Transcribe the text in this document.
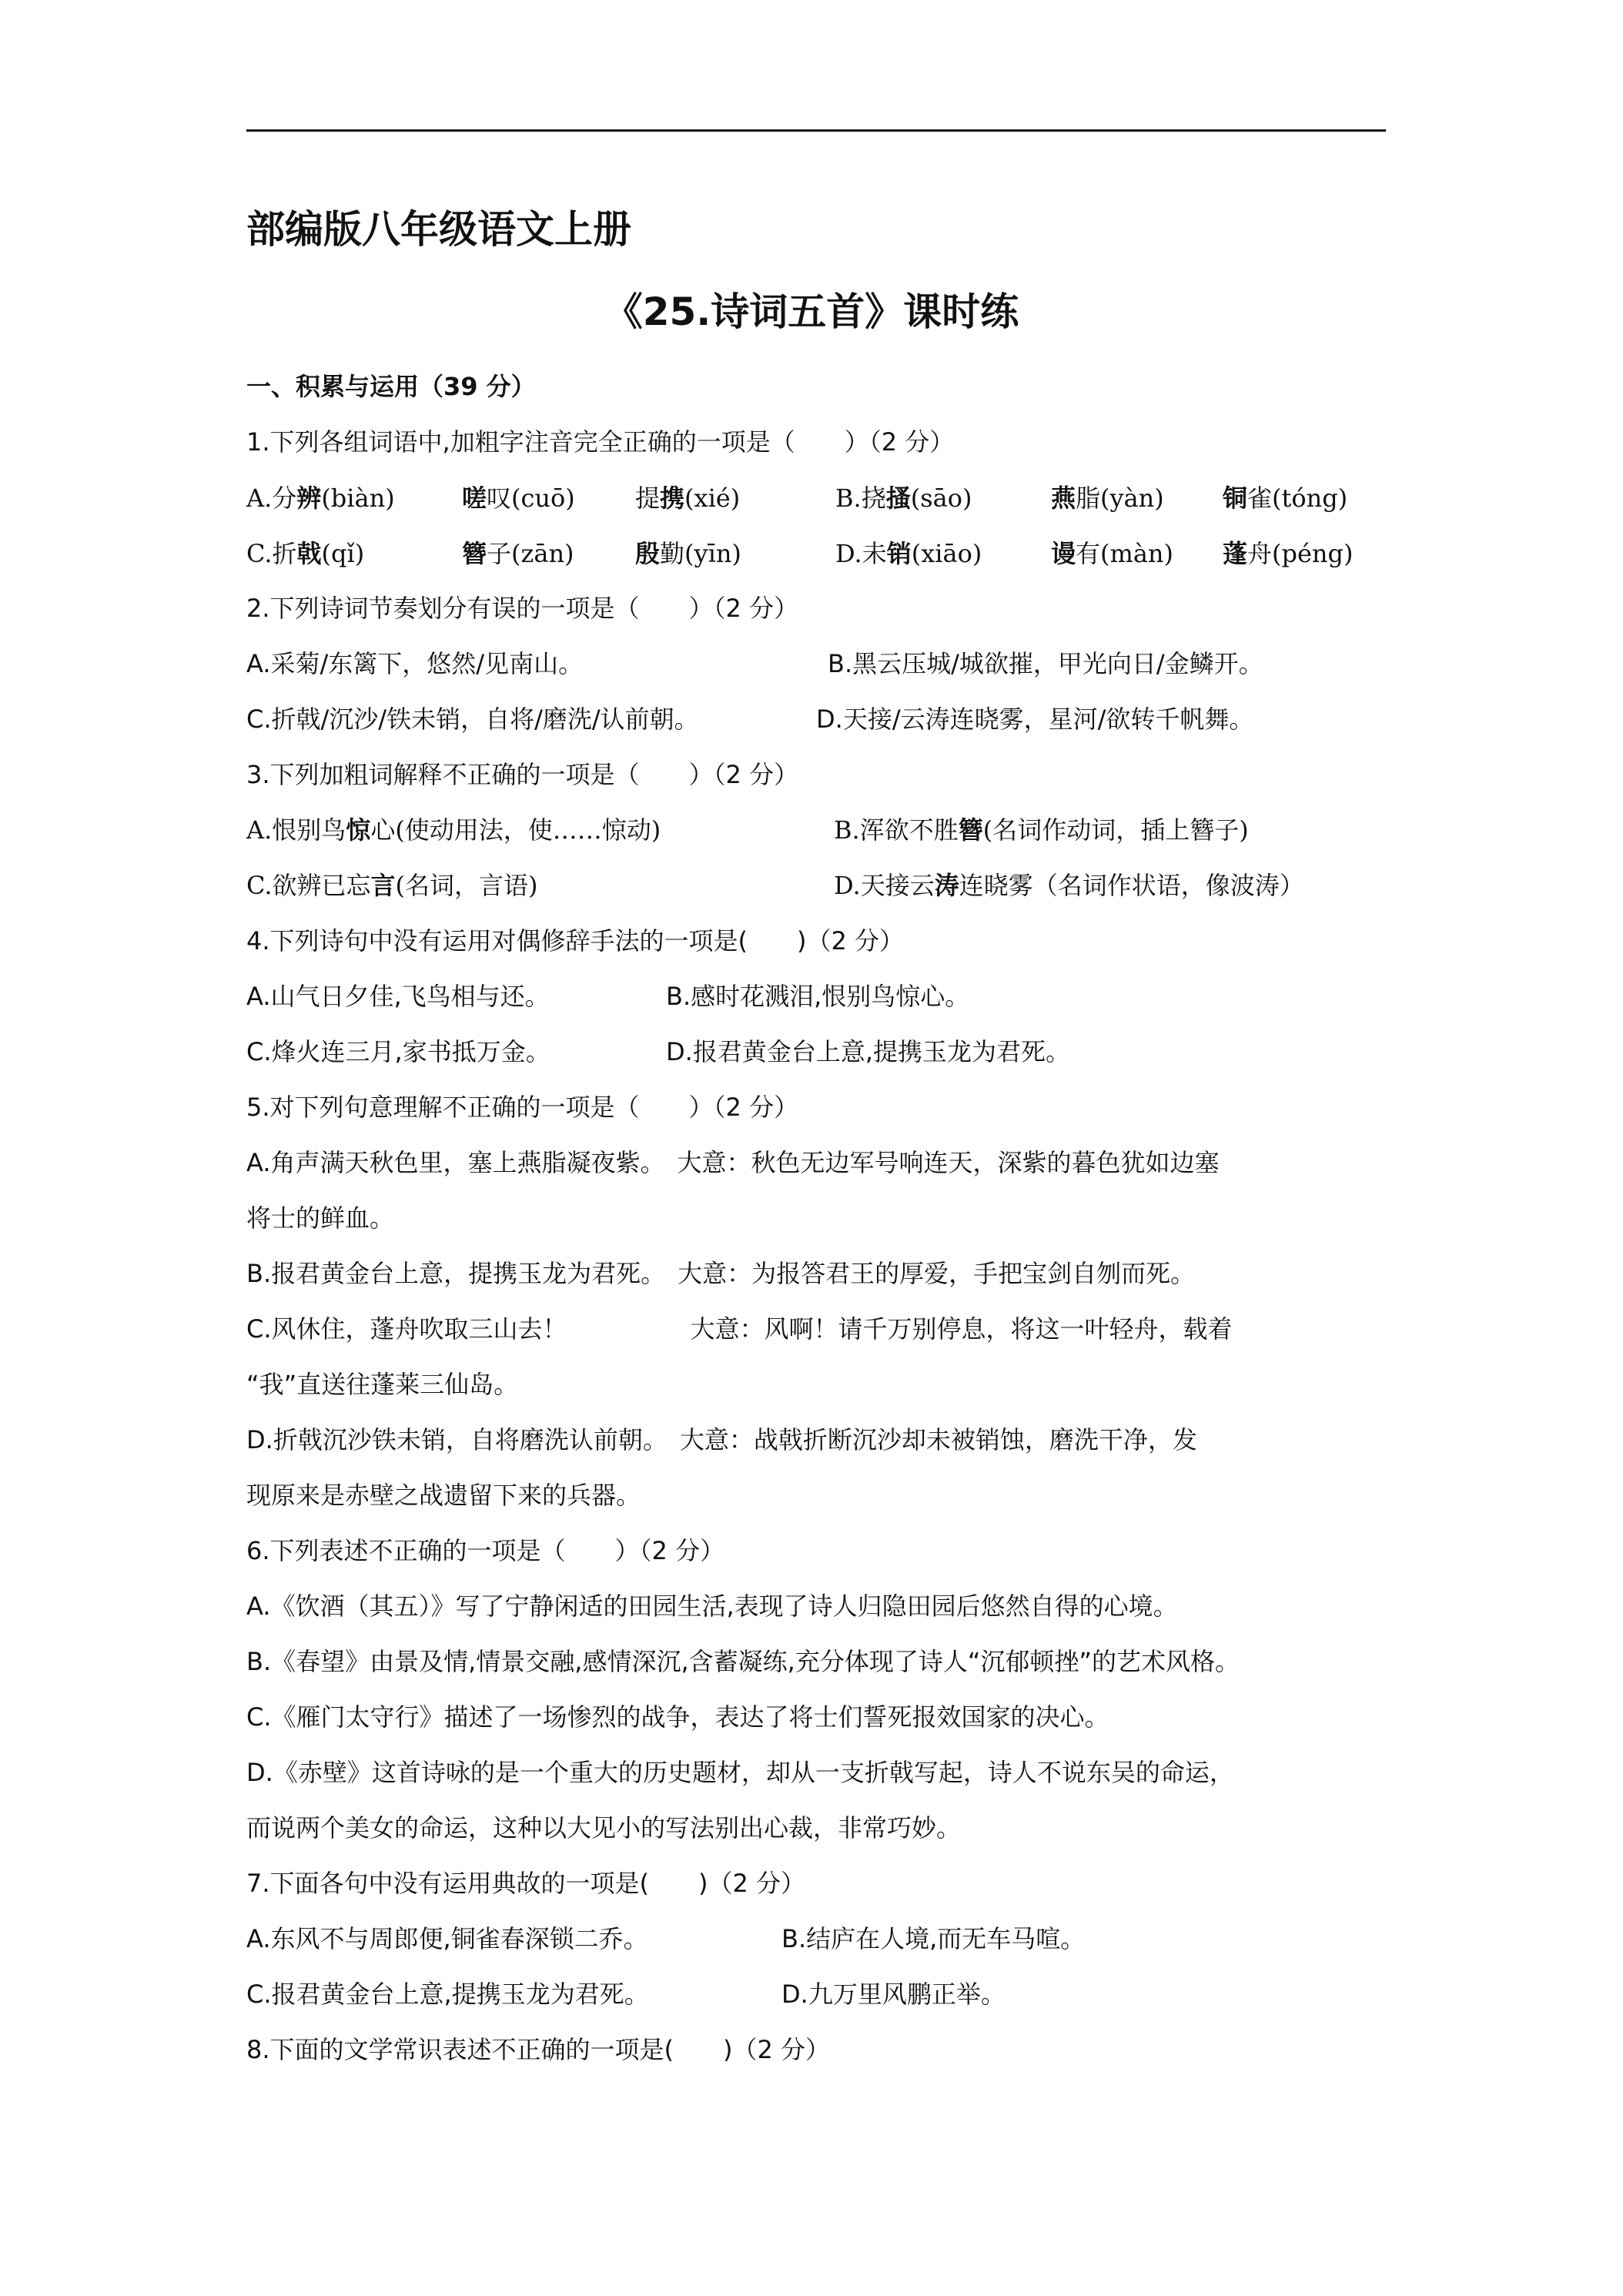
部编版八年级语文上册
《25.诗词五首》课时练
一、积累与运用（39 分）
1.下列各组词语中,加粗字注音完全正确的一项是（　　）（2 分）
A.分辨(biàn)	嗟叹(cuō) 提携(xié)	B.挠搔(sāo)	燕脂(yàn) 铜雀(tóng)
C.折戟(qǐ)	簪子(zān) 殷勤(yīn)	D.未销(xiāo)	谩有(màn) 蓬舟(péng)
2.下列诗词节奏划分有误的一项是（　　）（2 分）
A.采菊/东篱下，悠然/见南山。	B.黑云压城/城欲摧，甲光向日/金鳞开。
C.折戟/沉沙/铁未销，自将/磨洗/认前朝。	D.天接/云涛连晓雾，星河/欲转千帆舞。
3.下列加粗词解释不正确的一项是（　　）（2 分）
A.恨别鸟惊心(使动用法，使……惊动)	B.浑欲不胜簪(名词作动词，插上簪子)
C.欲辨已忘言(名词，言语)	D.天接云涛连晓雾（名词作状语，像波涛）
4.下列诗句中没有运用对偶修辞手法的一项是(　　)（2 分）
A.山气日夕佳,飞鸟相与还。	B.感时花溅泪,恨别鸟惊心。
C.烽火连三月,家书抵万金。	D.报君黄金台上意,提携玉龙为君死。
5.对下列句意理解不正确的一项是（　　）（2 分）
A.角声满天秋色里，塞上燕脂凝夜紫。　大意：秋色无边军号响连天，深紫的暮色犹如边塞
将士的鲜血。
B.报君黄金台上意，提携玉龙为君死。　大意：为报答君王的厚爱，手把宝剑自刎而死。
C.风休住，蓬舟吹取三山去！　　　　　大意：风啊！请千万别停息，将这一叶轻舟，载着
“我”直送往蓬莱三仙岛。
D.折戟沉沙铁未销，自将磨洗认前朝。　大意：战戟折断沉沙却未被销蚀，磨洗干净，发
现原来是赤壁之战遗留下来的兵器。
6.下列表述不正确的一项是（　　）（2 分）
A.《饮酒（其五）》写了宁静闲适的田园生活,表现了诗人归隐田园后悠然自得的心境。
B.《春望》由景及情,情景交融,感情深沉,含蓄凝练,充分体现了诗人“沉郁顿挫”的艺术风格。
C.《雁门太守行》描述了一场惨烈的战争，表达了将士们誓死报效国家的决心。
D.《赤壁》这首诗咏的是一个重大的历史题材，却从一支折戟写起，诗人不说东吴的命运，
而说两个美女的命运，这种以大见小的写法别出心裁，非常巧妙。
7.下面各句中没有运用典故的一项是(　　)（2 分）
A.东风不与周郎便,铜雀春深锁二乔。	B.结庐在人境,而无车马喧。
C.报君黄金台上意,提携玉龙为君死。	D.九万里风鹏正举。
8.下面的文学常识表述不正确的一项是(　　)（2 分）
